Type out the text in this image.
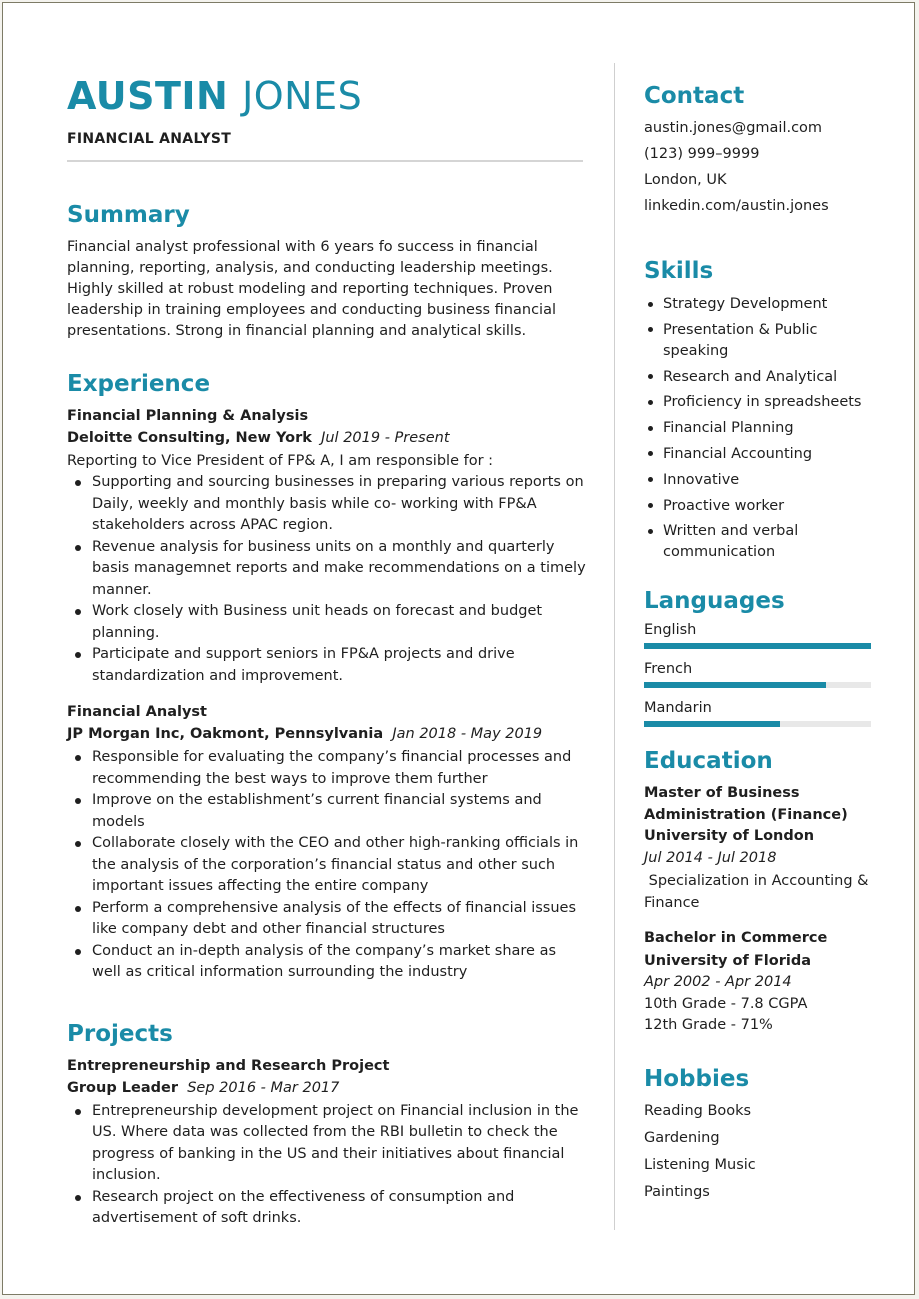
AUSTIN JONES
FINANCIAL ANALYST
Summary
Financial analyst professional with 6 years fo success in financial planning, reporting, analysis, and conducting leadership meetings. Highly skilled at robust modeling and reporting techniques. Proven leadership in training employees and conducting business financial presentations. Strong in financial planning and analytical skills.
Experience
Financial Planning & Analysis
Deloitte Consulting, New York Jul 2019 - Present
Reporting to Vice President of FP& A, I am responsible for :
Supporting and sourcing businesses in preparing various reports on Daily, weekly and monthly basis while co- working with FP&A stakeholders across APAC region.
Revenue analysis for business units on a monthly and quarterly basis managemnet reports and make recommendations on a timely manner.
Work closely with Business unit heads on forecast and budget planning.
Participate and support seniors in FP&A projects and drive standardization and improvement.
Financial Analyst
JP Morgan Inc, Oakmont, Pennsylvania Jan 2018 - May 2019
Responsible for evaluating the company’s financial processes and recommending the best ways to improve them further
Improve on the establishment’s current financial systems and models
Collaborate closely with the CEO and other high-ranking officials in the analysis of the corporation’s financial status and other such important issues affecting the entire company
Perform a comprehensive analysis of the effects of financial issues like company debt and other financial structures
Conduct an in-depth analysis of the company’s market share as well as critical information surrounding the industry
Projects
Entrepreneurship and Research Project
Group Leader Sep 2016 - Mar 2017
Entrepreneurship development project on Financial inclusion in the US. Where data was collected from the RBI bulletin to check the progress of banking in the US and their initiatives about financial inclusion.
Research project on the effectiveness of consumption and advertisement of soft drinks.
Contact
austin.jones@gmail.com
(123) 999–9999
London, UK
linkedin.com/austin.jones
Skills
Strategy Development
Presentation & Public speaking
Research and Analytical
Proficiency in spreadsheets
Financial Planning
Financial Accounting
Innovative
Proactive worker
Written and verbal communication
Languages
English
French
Mandarin
Education
Master of Business Administration (Finance)
University of London
Jul 2014 - Jul 2018
Specialization in Accounting & Finance
Bachelor in Commerce
University of Florida
Apr 2002 - Apr 2014
10th Grade - 7.8 CGPA
12th Grade - 71%
Hobbies
Reading Books
Gardening
Listening Music
Paintings
